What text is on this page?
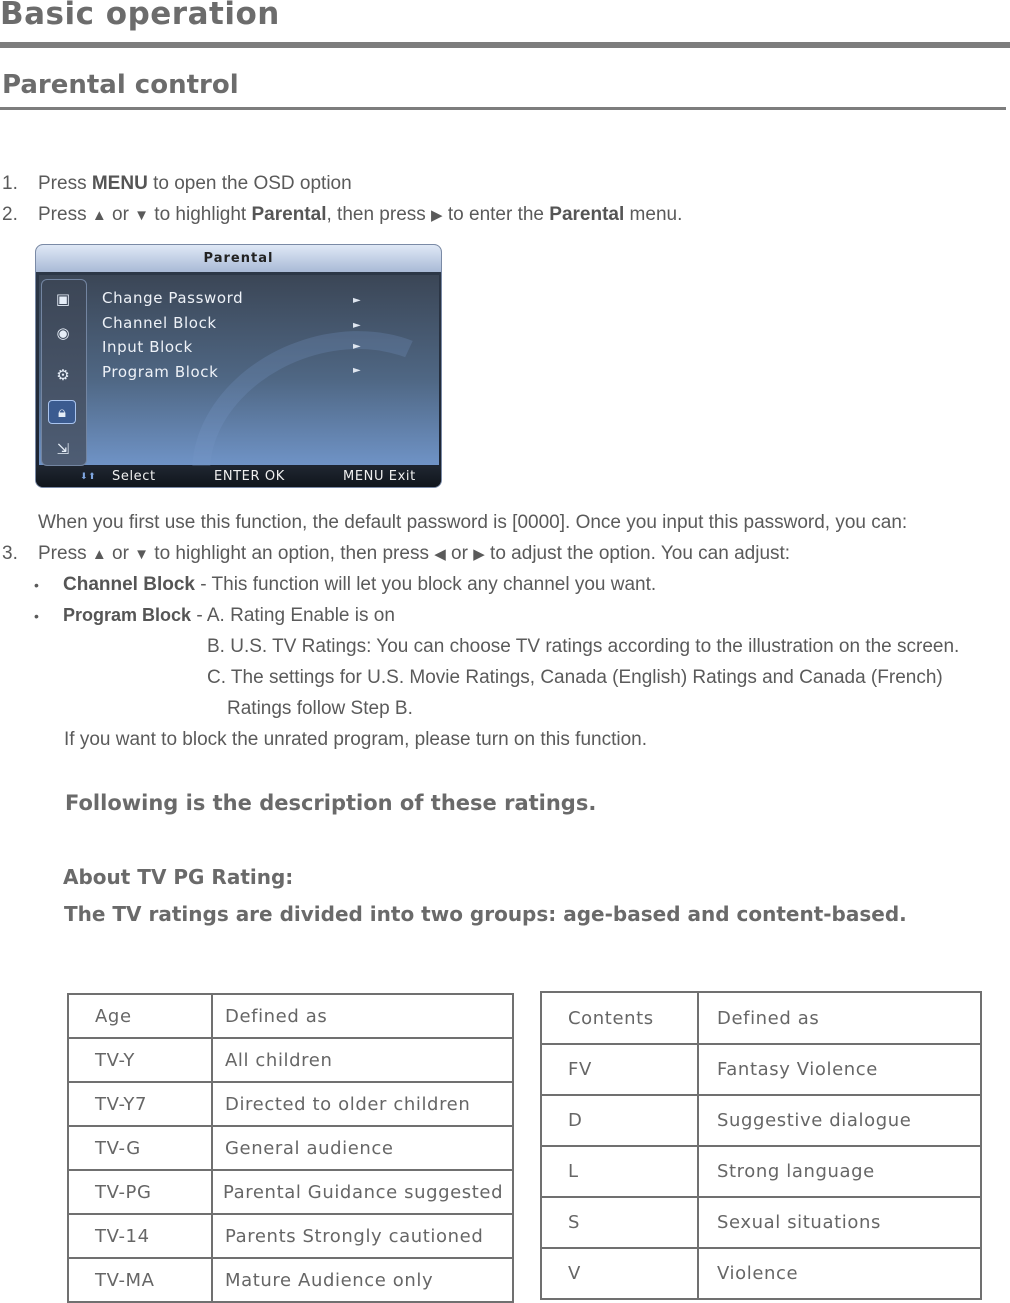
Basic operation
Parental control
1. Press MENU to open the OSD option
2. Press ▲ or ▼ to highlight Parental, then press ▶ to enter the Parental menu.
Parental
▣
◉
⚙
🔒︎
⇲
Change Password
Channel Block
Input Block
Program Block
►
►
►
►
⬇⬆ Select	ENTER OK	MENU Exit
When you first use this function, the default password is [0000]. Once you input this password, you can:
3. Press ▲ or ▼ to highlight an option, then press ◀ or ▶ to adjust the option. You can adjust:
• Channel Block - This function will let you block any channel you want.
• Program Block - A. Rating Enable is on
B. U.S. TV Ratings: You can choose TV ratings according to the illustration on the screen.
C. The settings for U.S. Movie Ratings, Canada (English) Ratings and Canada (French)
Ratings follow Step B.
If you want to block the unrated program, please turn on this function.
Following is the description of these ratings.
About TV PG Rating:
The TV ratings are divided into two groups: age-based and content-based.
Age	Defined as
TV-Y	All children
TV-Y7	Directed to older children
TV-G	General audience
TV-PG	Parental Guidance suggested
TV-14	Parents Strongly cautioned
TV-MA	Mature Audience only
Contents	Defined as
FV	Fantasy Violence
D	Suggestive dialogue
L	Strong language
S	Sexual situations
V	Violence
